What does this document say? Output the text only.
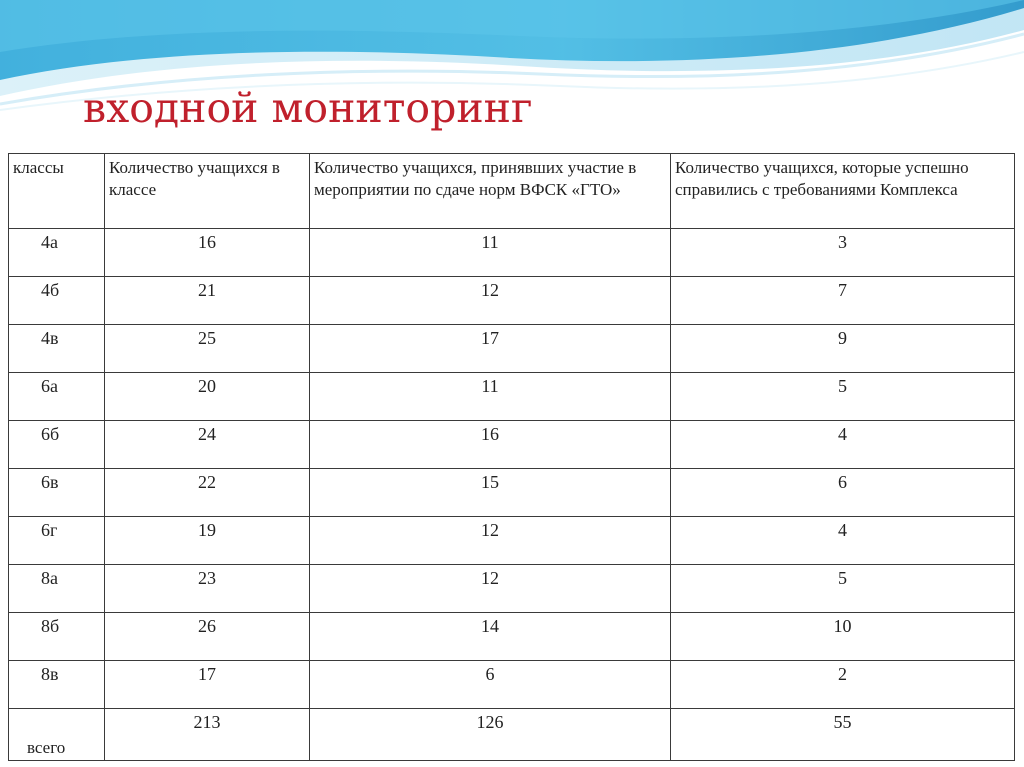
входной мониторинг
классы	Количество учащихся в классе	Количество учащихся, принявших участие в мероприятии по сдаче норм ВФСК «ГТО»	Количество учащихся, которые успешно справились с требованиями Комплекса
4а	16	11	3
4б	21	12	7
4в	25	17	9
6а	20	11	5
6б	24	16	4
6в	22	15	6
6г	19	12	4
8а	23	12	5
8б	26	14	10
8в	17	6	2
всего	213	126	55
